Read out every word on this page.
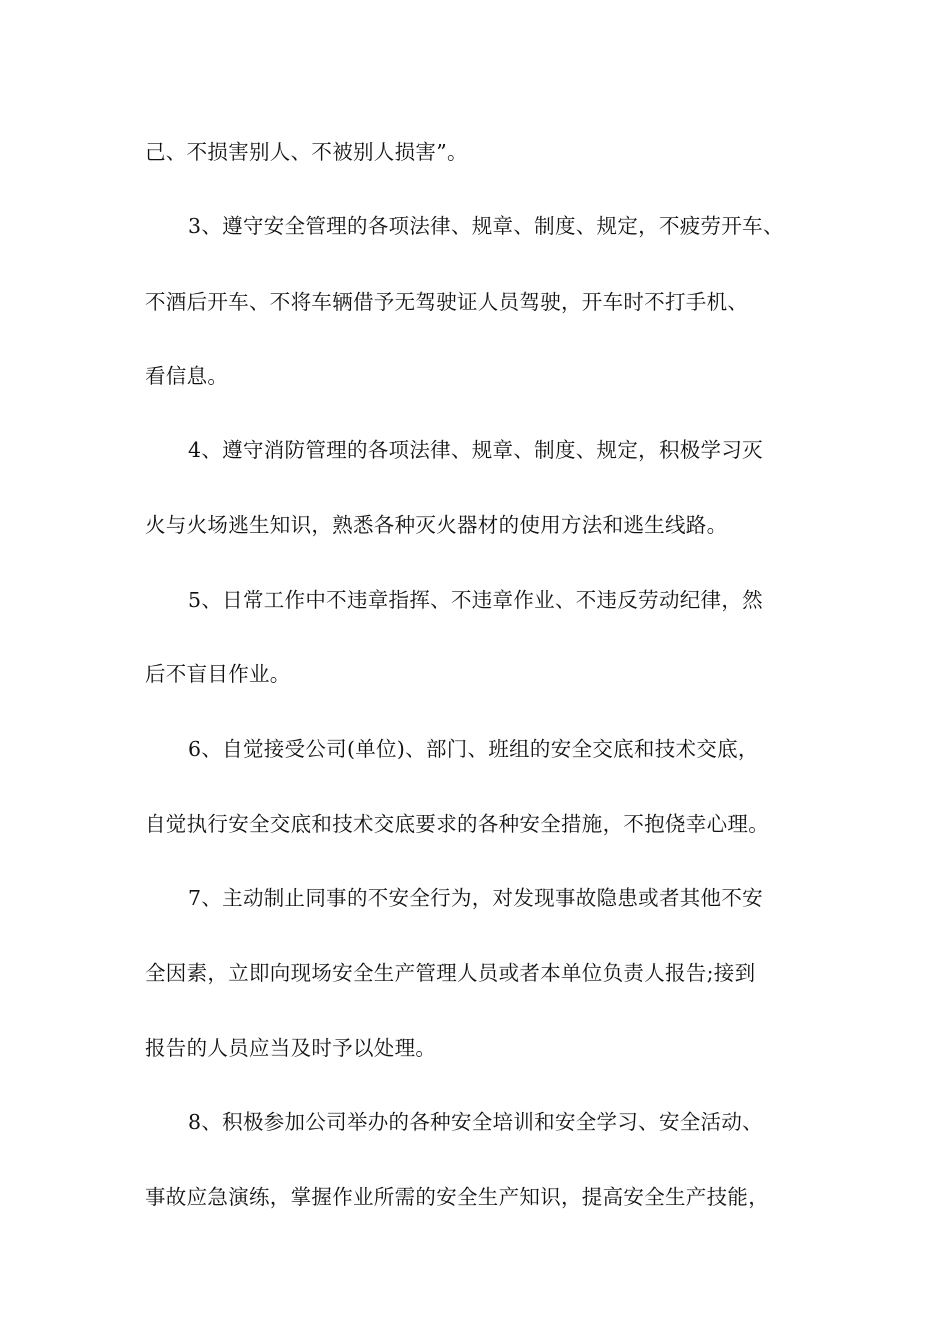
己、不损害别人、不被别人损害”。
3、遵守安全管理的各项法律、规章、制度、规定，不疲劳开车、
不酒后开车、不将车辆借予无驾驶证人员驾驶，开车时不打手机、
看信息。
4、遵守消防管理的各项法律、规章、制度、规定，积极学习灭
火与火场逃生知识，熟悉各种灭火器材的使用方法和逃生线路。
5、日常工作中不违章指挥、不违章作业、不违反劳动纪律，然
后不盲目作业。
6、自觉接受公司(单位)、部门、班组的安全交底和技术交底，
自觉执行安全交底和技术交底要求的各种安全措施，不抱侥幸心理。
7、主动制止同事的不安全行为，对发现事故隐患或者其他不安
全因素，立即向现场安全生产管理人员或者本单位负责人报告;接到
报告的人员应当及时予以处理。
8、积极参加公司举办的各种安全培训和安全学习、安全活动、
事故应急演练，掌握作业所需的安全生产知识，提高安全生产技能，
